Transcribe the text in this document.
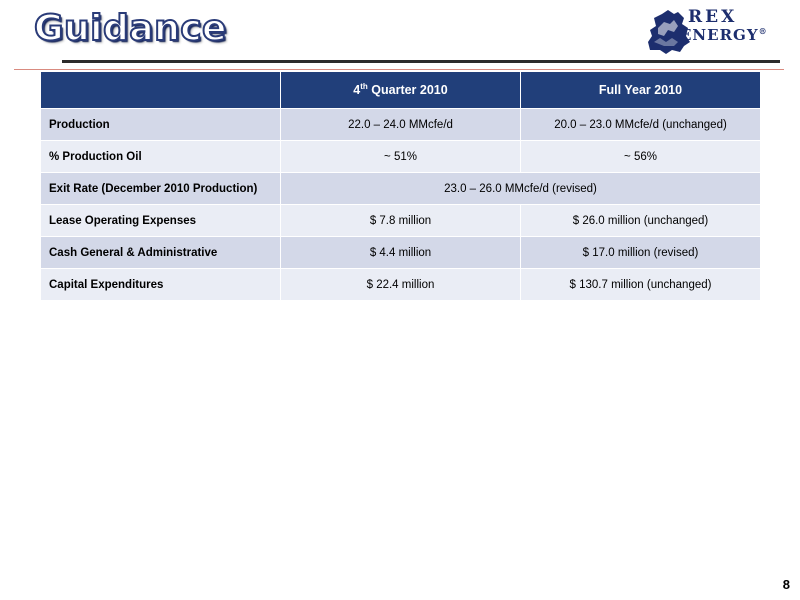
Guidance	REX
ENERGY®
	4th Quarter 2010	Full Year 2010
Production	22.0 – 24.0 MMcfe/d	20.0 – 23.0 MMcfe/d (unchanged)
% Production Oil	~ 51%	~ 56%
Exit Rate (December 2010 Production)	23.0 – 26.0 MMcfe/d (revised)	
Lease Operating Expenses	$ 7.8 million	$ 26.0 million (unchanged)
Cash General & Administrative	$ 4.4 million	$ 17.0 million (revised)
Capital Expenditures	$ 22.4 million	$ 130.7 million (unchanged)
8
